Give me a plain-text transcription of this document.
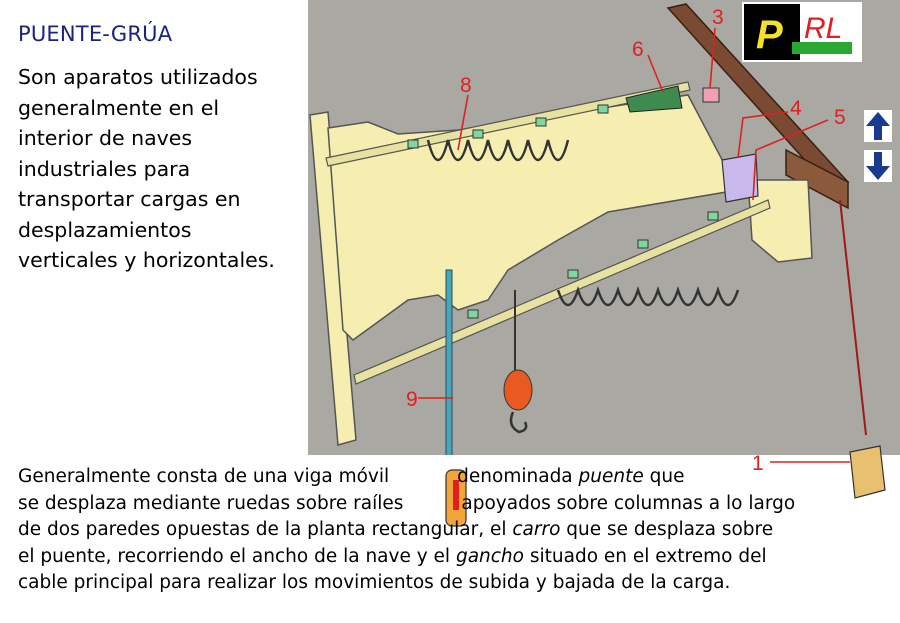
PUENTE-GRÚA
Son aparatos utilizados
generalmente en el
interior de naves
industriales para
transportar cargas en
desplazamientos
verticales y horizontales.
8
6
3
4 5
9
1
P RL
Generalmente consta de una viga móvil	denominada puente que
se desplaza mediante ruedas sobre raíles	apoyados sobre columnas a lo largo
de dos paredes opuestas de la planta rectangular, el carro que se desplaza sobre
el puente, recorriendo el ancho de la nave y el gancho situado en el extremo del
cable principal para realizar los movimientos de subida y bajada de la carga.
